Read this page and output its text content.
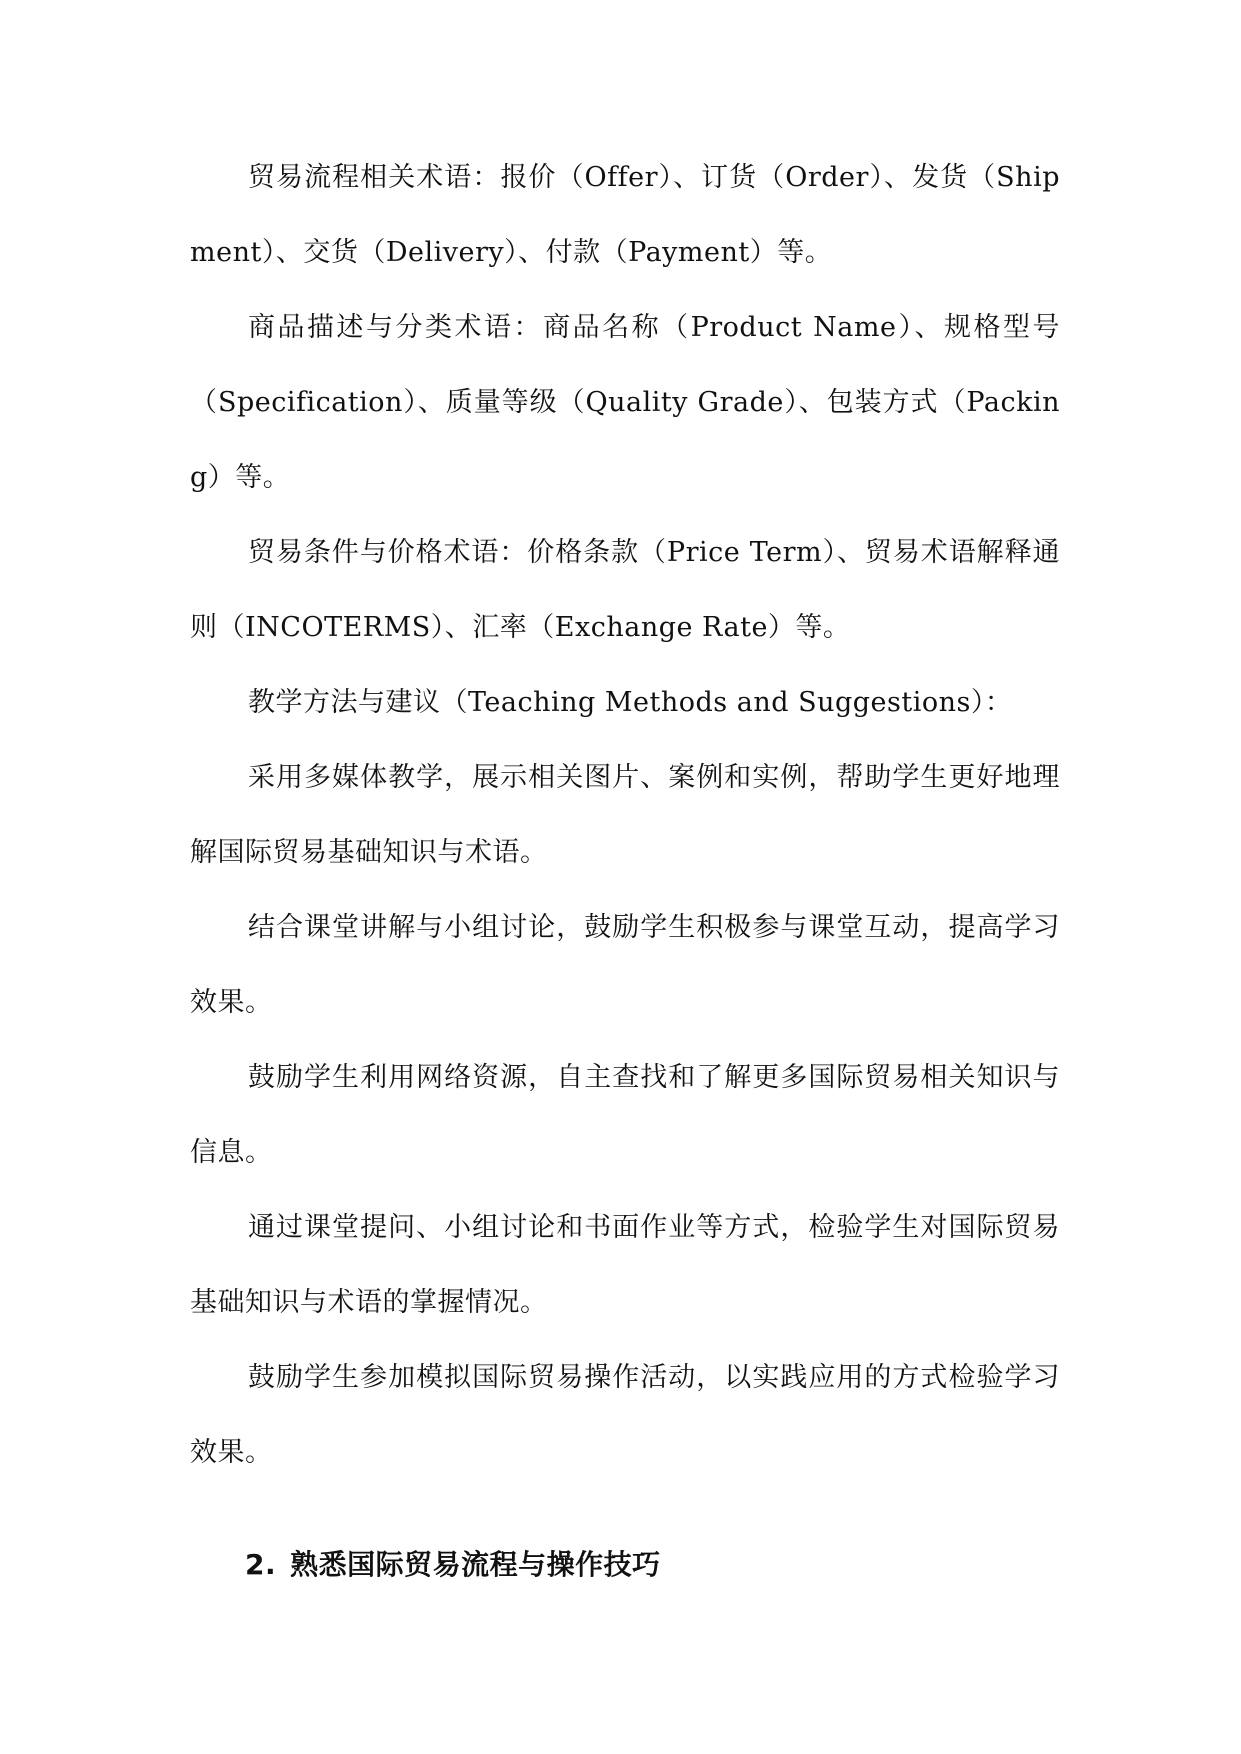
贸易流程相关术语：报价（Offer）、订货（Order）、发货（Shipment）、交货（Delivery）、付款（Payment）等。

商品描述与分类术语：商品名称（Product Name）、规格型号（Specification）、质量等级（Quality Grade）、包装方式（Packing）等。

贸易条件与价格术语：价格条款（Price Term）、贸易术语解释通则（INCOTERMS）、汇率（Exchange Rate）等。

教学方法与建议（Teaching Methods and Suggestions）：

采用多媒体教学，展示相关图片、案例和实例，帮助学生更好地理解国际贸易基础知识与术语。

结合课堂讲解与小组讨论，鼓励学生积极参与课堂互动，提高学习效果。

鼓励学生利用网络资源，自主查找和了解更多国际贸易相关知识与信息。

通过课堂提问、小组讨论和书面作业等方式，检验学生对国际贸易基础知识与术语的掌握情况。

鼓励学生参加模拟国际贸易操作活动，以实践应用的方式检验学习效果。

2. 熟悉国际贸易流程与操作技巧
